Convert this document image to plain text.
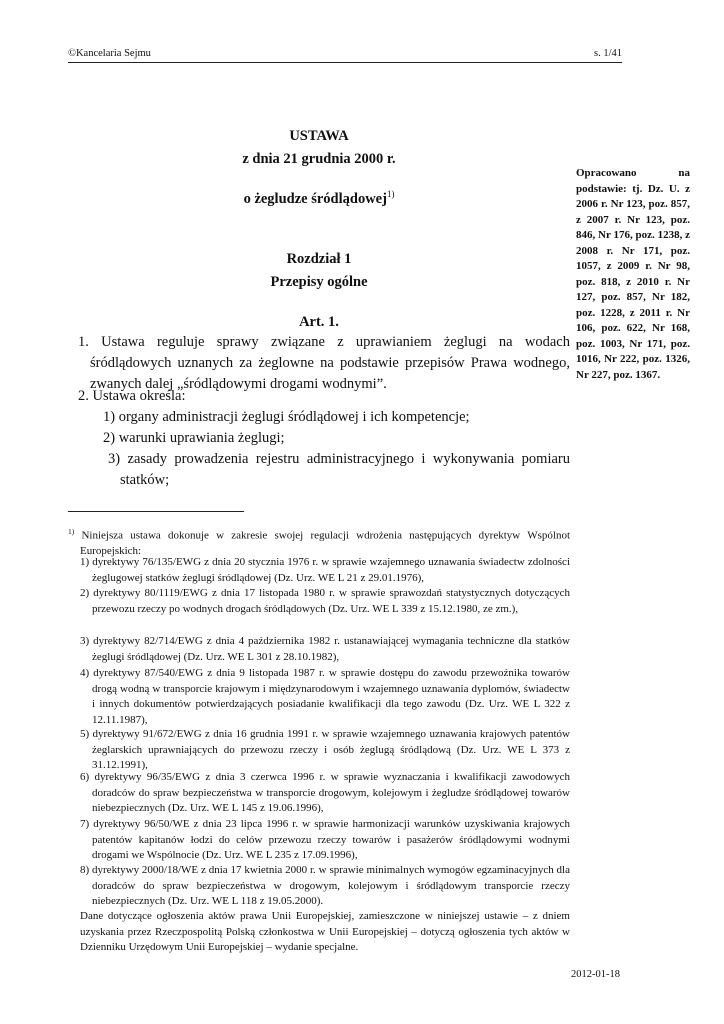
©Kancelaria Sejmu	s. 1/41
USTAWA
z dnia 21 grudnia 2000 r.
o żegludze śródlądowej$^{1)}$
Rozdział 1
Przepisy ogólne
Art. 1.
Opracowano na podstawie: tj. Dz. U. z 2006 r. Nr 123, poz. 857, z 2007 r. Nr 123, poz. 846, Nr 176, poz. 1238, z 2008 r. Nr 171, poz. 1057, z 2009 r. Nr 98, poz. 818, z 2010 r. Nr 127, poz. 857, Nr 182, poz. 1228, z 2011 r. Nr 106, poz. 622, Nr 168, poz. 1003, Nr 171, poz. 1016, Nr 222, poz. 1326, Nr 227, poz. 1367.
1. Ustawa reguluje sprawy związane z uprawianiem żeglugi na wodach śródlądowych uznanych za żeglowne na podstawie przepisów Prawa wodnego, zwanych dalej „śródlądowymi drogami wodnymi”.
2. Ustawa określa:
1) organy administracji żeglugi śródlądowej i ich kompetencje;
2) warunki uprawiania żeglugi;
3) zasady prowadzenia rejestru administracyjnego i wykonywania pomiaru statków;
$^{1)}$ Niniejsza ustawa dokonuje w zakresie swojej regulacji wdrożenia następujących dyrektyw Wspólnot Europejskich:
1) dyrektywy 76/135/EWG z dnia 20 stycznia 1976 r. w sprawie wzajemnego uznawania świadectw zdolności żeglugowej statków żeglugi śródlądowej (Dz. Urz. WE L 21 z 29.01.1976),
2) dyrektywy 80/1119/EWG z dnia 17 listopada 1980 r. w sprawie sprawozdań statystycznych dotyczących przewozu rzeczy po wodnych drogach śródlądowych (Dz. Urz. WE L 339 z 15.12.1980, ze zm.),
3) dyrektywy 82/714/EWG z dnia 4 października 1982 r. ustanawiającej wymagania techniczne dla statków żeglugi śródlądowej (Dz. Urz. WE L 301 z 28.10.1982),
4) dyrektywy 87/540/EWG z dnia 9 listopada 1987 r. w sprawie dostępu do zawodu przewoźnika towarów drogą wodną w transporcie krajowym i międzynarodowym i wzajemnego uznawania dyplomów, świadectw i innych dokumentów potwierdzających posiadanie kwalifikacji dla tego zawodu (Dz. Urz. WE L 322 z 12.11.1987),
5) dyrektywy 91/672/EWG z dnia 16 grudnia 1991 r. w sprawie wzajemnego uznawania krajowych patentów żeglarskich uprawniających do przewozu rzeczy i osób żeglugą śródlądową (Dz. Urz. WE L 373 z 31.12.1991),
6) dyrektywy 96/35/EWG z dnia 3 czerwca 1996 r. w sprawie wyznaczania i kwalifikacji zawodowych doradców do spraw bezpieczeństwa w transporcie drogowym, kolejowym i żegludze śródlądowej towarów niebezpiecznych (Dz. Urz. WE L 145 z 19.06.1996),
7) dyrektywy 96/50/WE z dnia 23 lipca 1996 r. w sprawie harmonizacji warunków uzyskiwania krajowych patentów kapitanów łodzi do celów przewozu rzeczy towarów i pasażerów śródlądowymi wodnymi drogami we Wspólnocie (Dz. Urz. WE L 235 z 17.09.1996),
8) dyrektywy 2000/18/WE z dnia 17 kwietnia 2000 r. w sprawie minimalnych wymogów egzaminacyjnych dla doradców do spraw bezpieczeństwa w drogowym, kolejowym i śródlądowym transporcie rzeczy niebezpiecznych (Dz. Urz. WE L 118 z 19.05.2000).
Dane dotyczące ogłoszenia aktów prawa Unii Europejskiej, zamieszczone w niniejszej ustawie – z dniem uzyskania przez Rzeczpospolitą Polską członkostwa w Unii Europejskiej – dotyczą ogłoszenia tych aktów w Dzienniku Urzędowym Unii Europejskiej – wydanie specjalne.
2012-01-18
